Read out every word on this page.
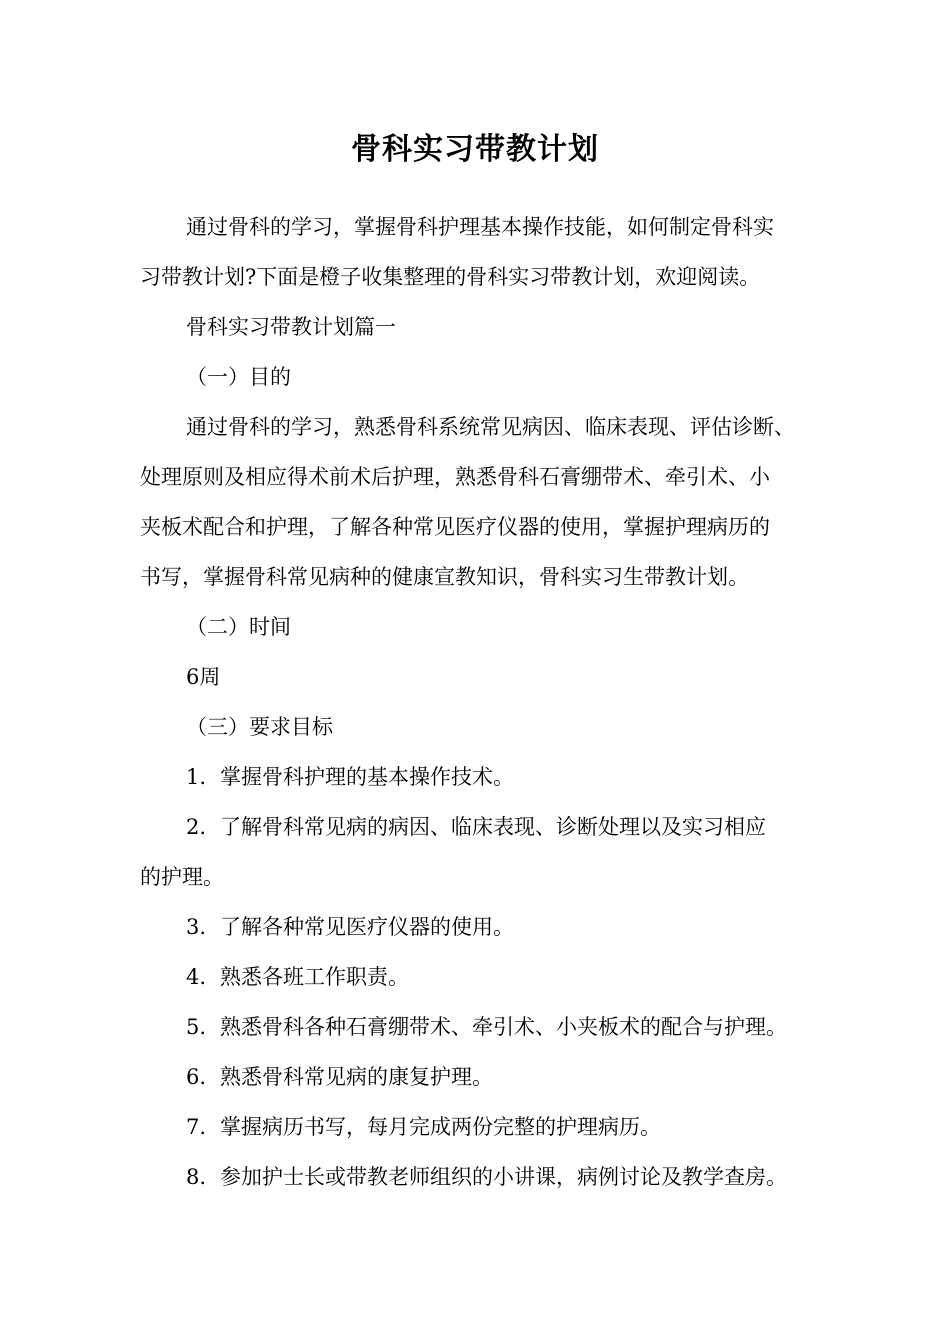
骨科实习带教计划
通过骨科的学习，掌握骨科护理基本操作技能，如何制定骨科实
习带教计划?下面是橙子收集整理的骨科实习带教计划，欢迎阅读。
骨科实习带教计划篇一
（一）目的
通过骨科的学习，熟悉骨科系统常见病因、临床表现、评估诊断、
处理原则及相应得术前术后护理，熟悉骨科石膏绷带术、牵引术、小
夹板术配合和护理，了解各种常见医疗仪器的使用，掌握护理病历的
书写，掌握骨科常见病种的健康宣教知识，骨科实习生带教计划。
（二）时间
6周
（三）要求目标
1. 掌握骨科护理的基本操作技术。
2. 了解骨科常见病的病因、临床表现、诊断处理以及实习相应
的护理。
3. 了解各种常见医疗仪器的使用。
4. 熟悉各班工作职责。
5. 熟悉骨科各种石膏绷带术、牵引术、小夹板术的配合与护理。
6. 熟悉骨科常见病的康复护理。
7. 掌握病历书写，每月完成两份完整的护理病历。
8. 参加护士长或带教老师组织的小讲课，病例讨论及教学查房。
